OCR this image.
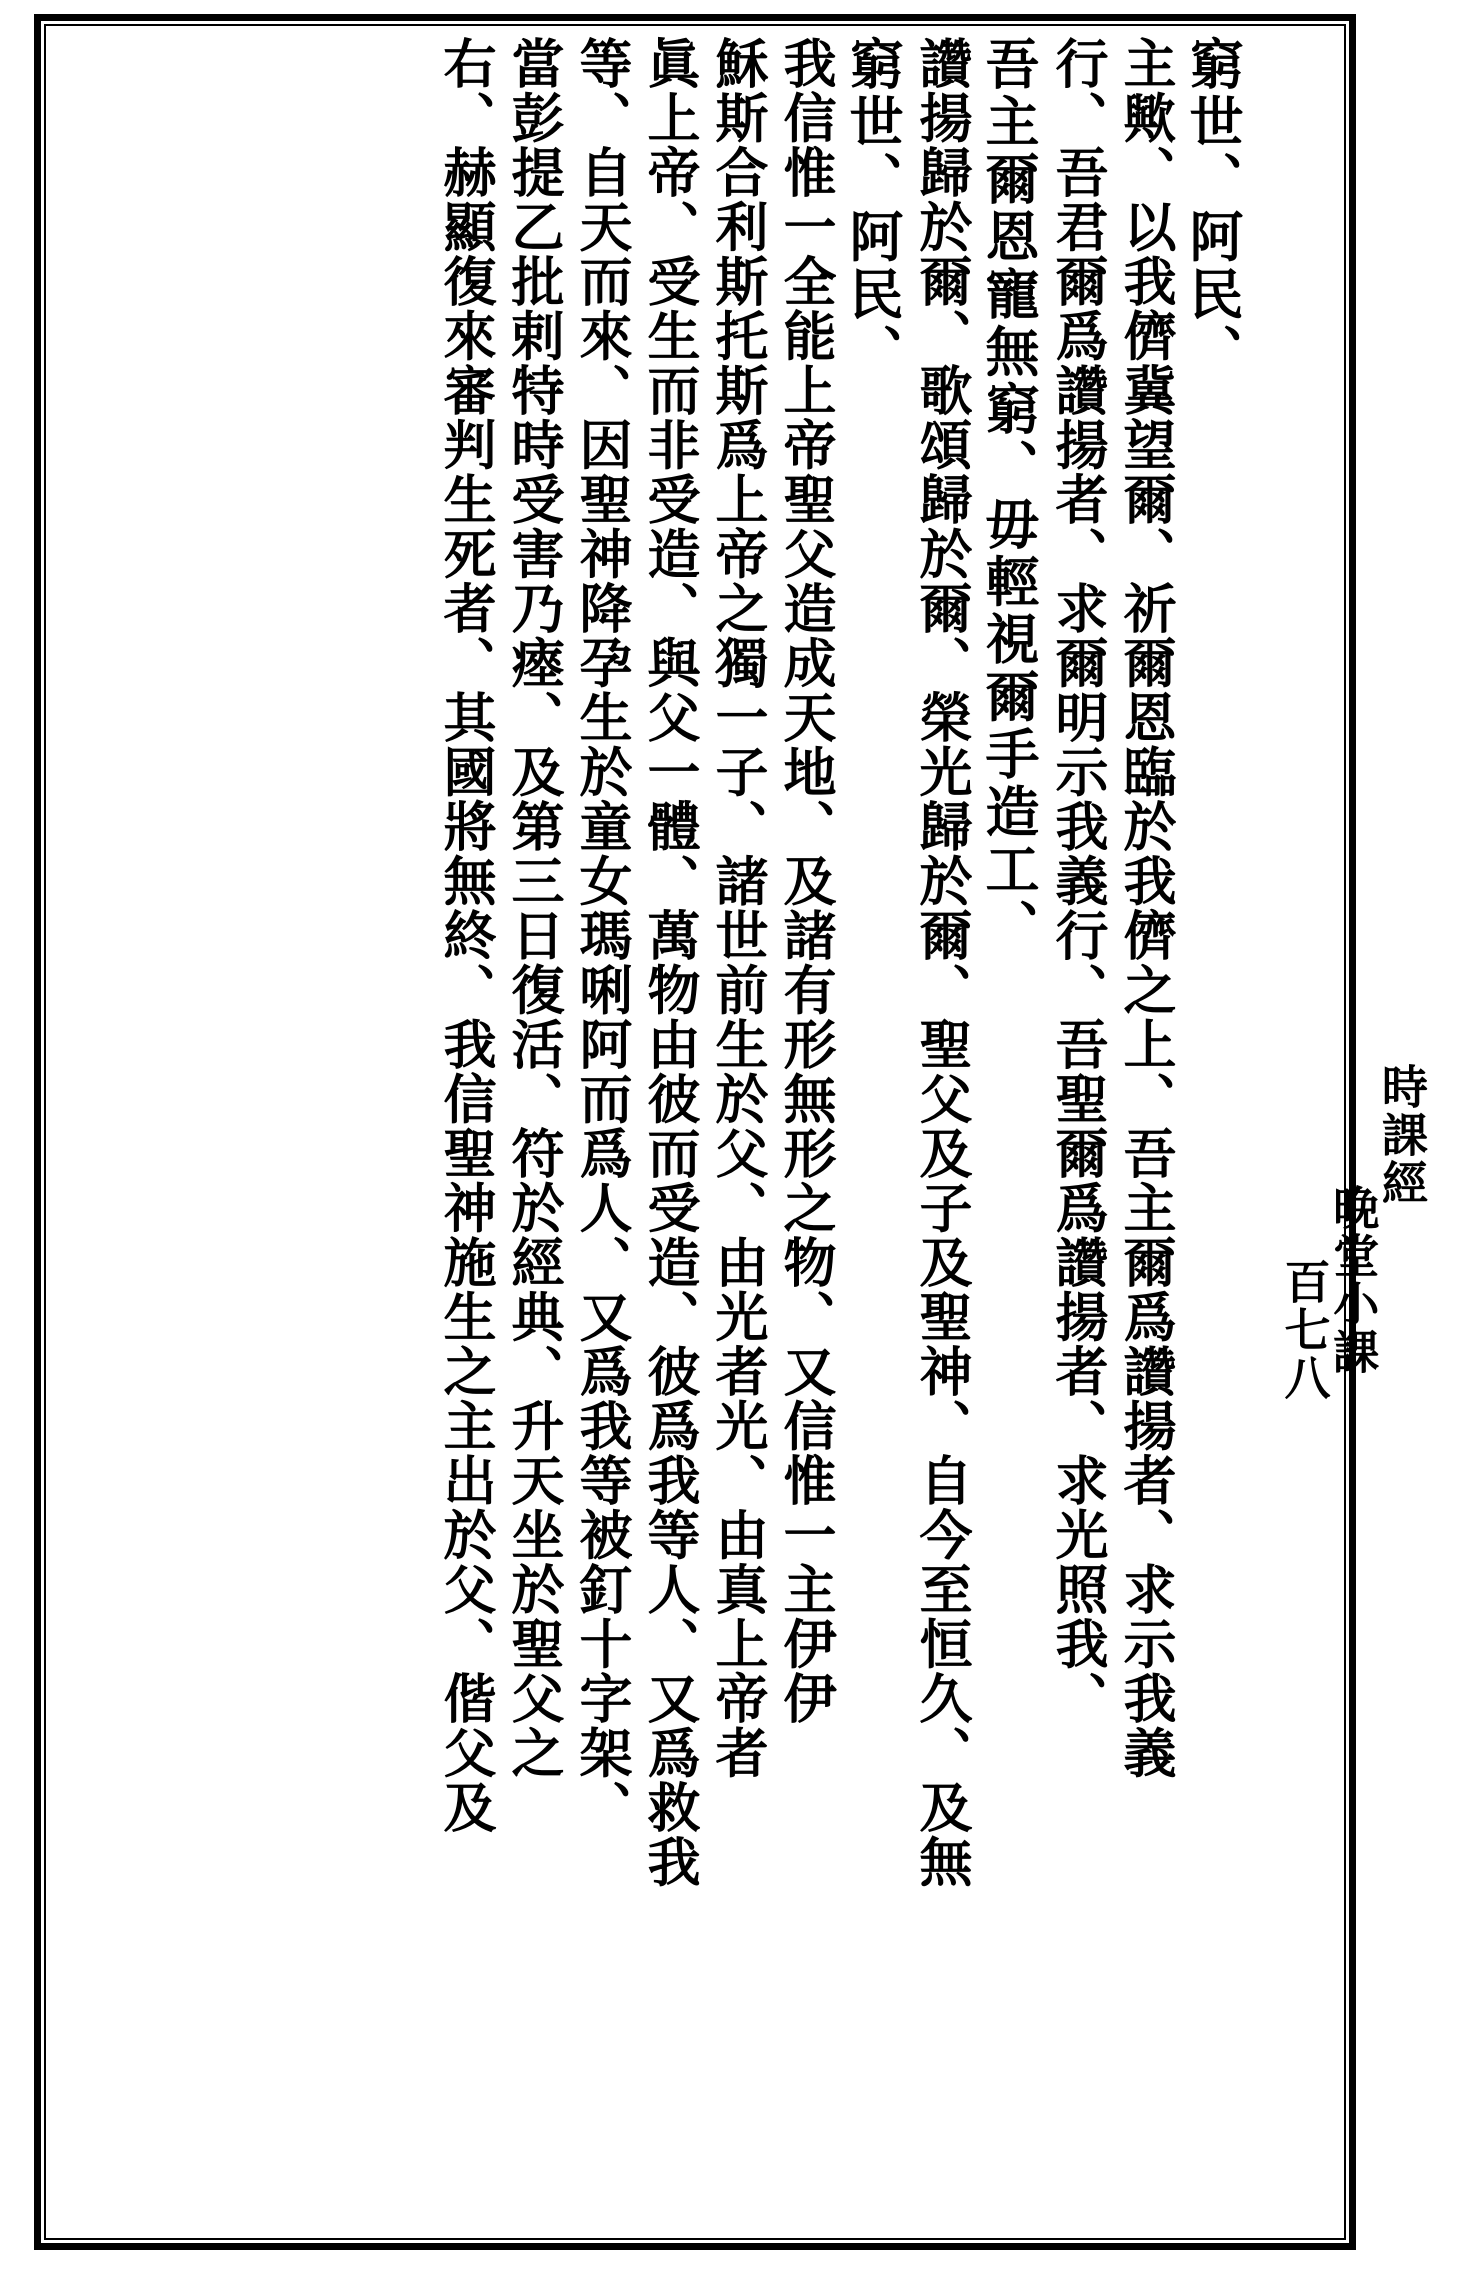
時課經
晚堂小課
百七八
窮世、阿民、
主歟、以我儕冀望爾、祈爾恩臨於我儕之上、吾主爾爲讚揚者、求示我義
行、吾君爾爲讚揚者、求爾明示我義行、吾聖爾爲讚揚者、求光照我、
吾主爾恩寵無窮、毋輕視爾手造工、
讚揚歸於爾、歌頌歸於爾、榮光歸於爾、聖父及子及聖神、自今至恒久、及無
窮世、阿民、
我信惟一全能上帝聖父造成天地、及諸有形無形之物、又信惟一主伊伊
穌斯合利斯托斯爲上帝之獨一子、諸世前生於父、由光者光、由真上帝者
眞上帝、受生而非受造、與父一體、萬物由彼而受造、彼爲我等人、又爲救我
等、自天而來、因聖神降孕生於童女瑪唎阿而爲人、又爲我等被釘十字架、
當彭提乙批剌特時受害乃瘞、及第三日復活、符於經典、升天坐於聖父之
右、赫顯復來審判生死者、其國將無終、我信聖神施生之主出於父、偕父及
